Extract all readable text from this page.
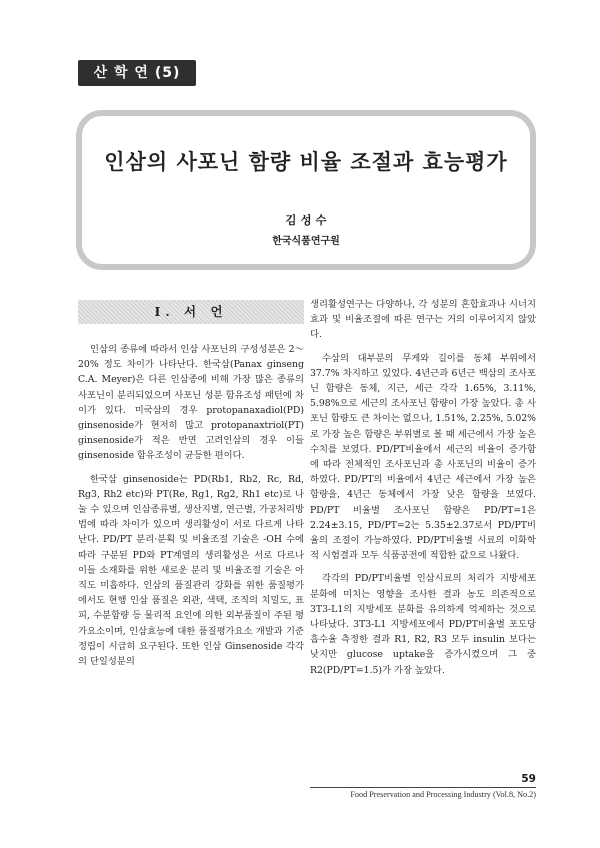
산 학 연 (5)
인삼의 사포닌 함량 비율 조절과 효능평가
김 성 수
한국식품연구원
Ⅰ. 서 언

인삼의 종류에 따라서 인삼 사포닌의 구성성분은 2～20% 정도 차이가 나타난다. 한국삼(Panax ginseng C.A. Meyer)은 다른 인삼종에 비해 가장 많은 종류의 사포닌이 분리되었으며 사포닌 성분 함유조성 패턴에 차이가 있다. 미국삼의 경우 protopanaxadiol(PD) ginsenoside가 현저히 많고 protopanaxtriol(PT) ginsenoside가 적은 반면 고려인삼의 경우 이들 ginsenoside 함유조성이 균등한 편이다.

한국삼 ginsenoside는 PD(Rb1, Rb2, Rc, Rd, Rg3, Rh2 etc)와 PT(Re, Rg1, Rg2, Rh1 etc)로 나눌 수 있으며 인삼종류별, 생산지별, 연근별, 가공처리방법에 따라 차이가 있으며 생리활성이 서로 다르게 나타난다. PD/PT 분리·분획 및 비율조절 기술은 -OH 수에 따라 구분된 PD와 PT계열의 생리활성은 서로 다르나 이들 소재화를 위한 새로운 분리 및 비율조절 기술은 아직도 미흡하다. 인삼의 품질관리 강화를 위한 품질평가에서도 현행 인삼 품질은 외관, 색택, 조직의 치밀도, 표피, 수분함량 등 물리적 요인에 의한 외부품질이 주된 평가요소이며, 인삼효능에 대한 품질평가요소 개발과 기준 정립이 시급히 요구된다. 또한 인삼 Ginsenoside 각각의 단일성분의

생리활성연구는 다양하나, 각 성분의 혼합효과나 시너지효과 및 비율조절에 따른 연구는 거의 이루어지지 않았다.

수삼의 대부분의 무게와 길이를 동체 부위에서 37.7% 차지하고 있었다. 4년근과 6년근 백삼의 조사포닌 함량은 동체, 지근, 세근 각각 1.65%, 3.11%, 5.98%으로 세근의 조사포닌 함량이 가장 높았다. 총 사포닌 함량도 큰 차이는 없으나, 1.51%, 2.25%, 5.02%로 가장 높은 함량은 부위별로 볼 때 세근에서 가장 높은 수치를 보였다. PD/PT비율에서 세근의 비율이 증가함에 따라 전체적인 조사포닌과 총 사포닌의 비율이 증가하였다. PD/PT의 비율에서 4년근 세근에서 가장 높은 함량을, 4년근 동체에서 가장 낮은 함량을 보였다. PD/PT 비율별 조사포닌 함량은 PD/PT=1은 2.24±3.15, PD/PT=2는 5.35±2.37로서 PD/PT비율의 조절이 가능하였다. PD/PT비율별 시료의 이화학적 시험결과 모두 식품공전에 적합한 값으로 나왔다.

각각의 PD/PT비율별 인삼시료의 처리가 지방세포 분화에 미치는 영향을 조사한 결과 농도 의존적으로 3T3-L1의 지방세포 분화를 유의하게 억제하는 것으로 나타났다. 3T3-L1 지방세포에서 PD/PT비율별 포도당 흡수율 측정한 결과 R1, R2, R3 모두 insulin 보다는 낮지만 glucose uptake을 증가시켰으며 그 중 R2(PD/PT=1.5)가 가장 높았다.

59
Food Preservation and Processing Industry (Vol.8, No.2)
